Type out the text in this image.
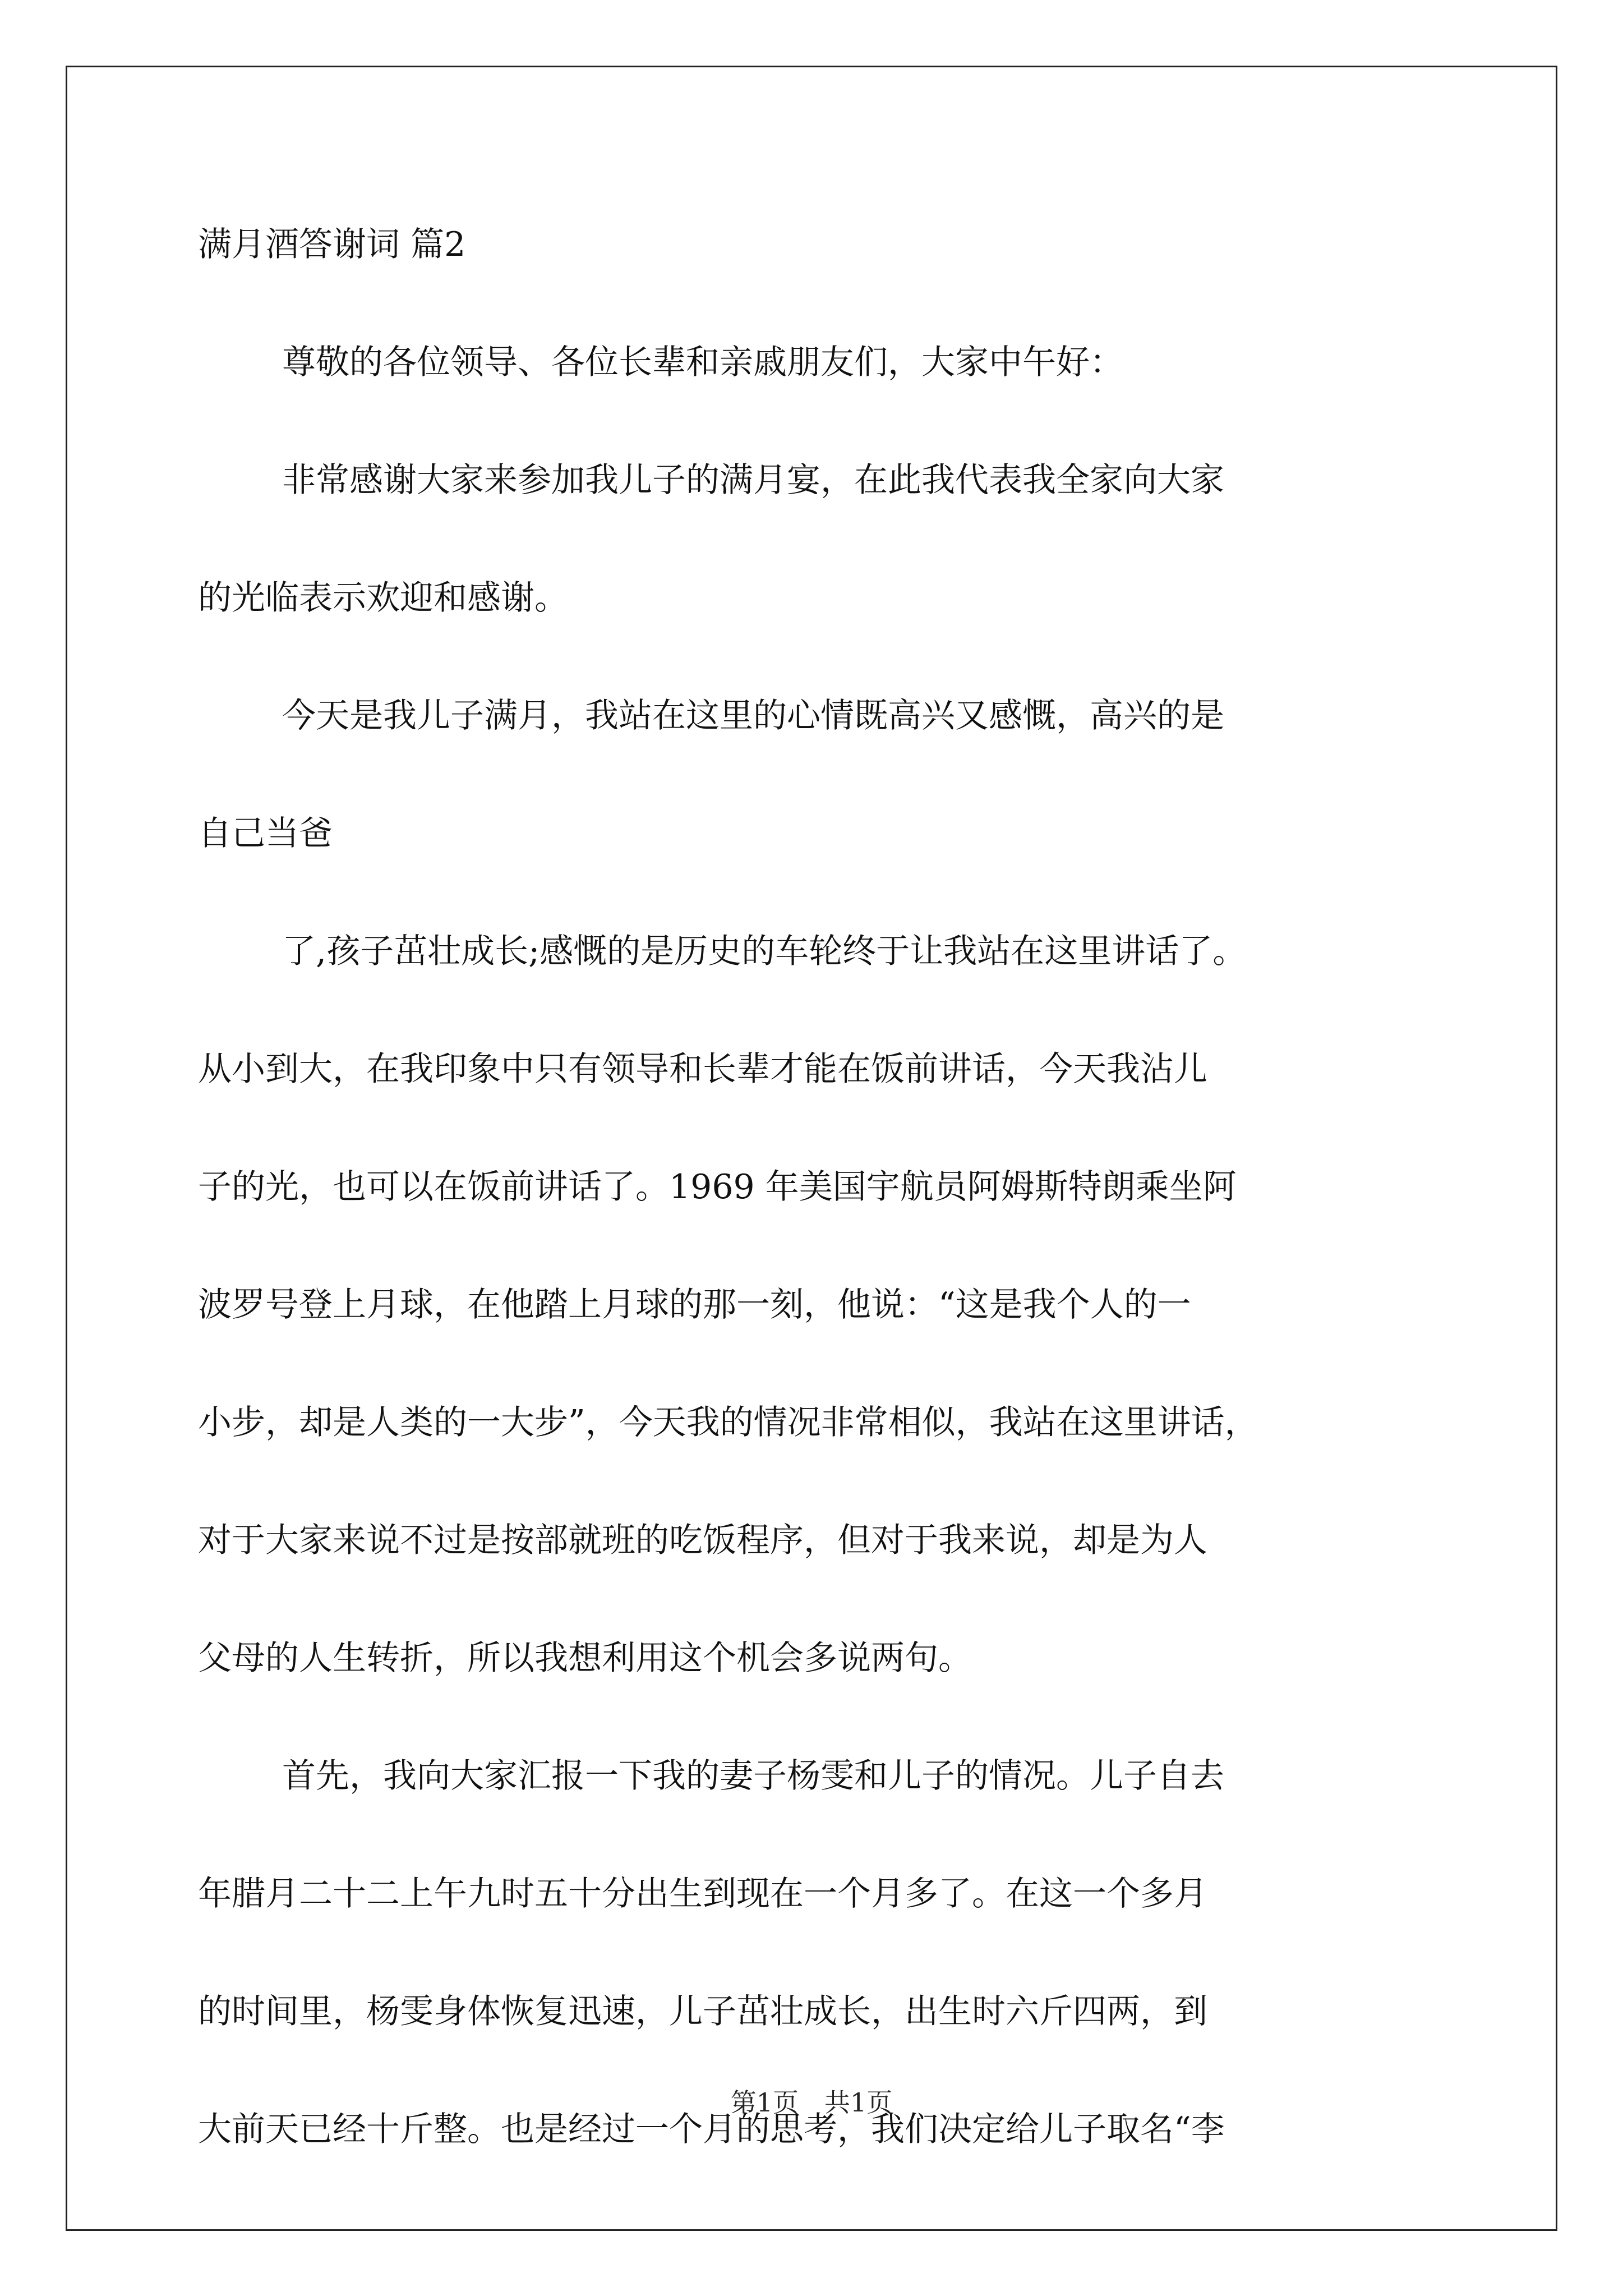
满月酒答谢词 篇2
尊敬的各位领导、各位长辈和亲戚朋友们，大家中午好：
非常感谢大家来参加我儿子的满月宴，在此我代表我全家向大家
的光临表示欢迎和感谢。
今天是我儿子满月，我站在这里的心情既高兴又感慨，高兴的是
自己当爸
了,孩子茁壮成长;感慨的是历史的车轮终于让我站在这里讲话了。
从小到大，在我印象中只有领导和长辈才能在饭前讲话，今天我沾儿
子的光，也可以在饭前讲话了。1969 年美国宇航员阿姆斯特朗乘坐阿
波罗号登上月球，在他踏上月球的那一刻，他说：“这是我个人的一
小步，却是人类的一大步”，今天我的情况非常相似，我站在这里讲话，
对于大家来说不过是按部就班的吃饭程序，但对于我来说，却是为人
父母的人生转折，所以我想利用这个机会多说两句。
首先，我向大家汇报一下我的妻子杨雯和儿子的情况。儿子自去
年腊月二十二上午九时五十分出生到现在一个月多了。在这一个多月
的时间里，杨雯身体恢复迅速，儿子茁壮成长，出生时六斤四两，到
大前天已经十斤整。也是经过一个月的思考，我们决定给儿子取名“李
第1页　共1页
